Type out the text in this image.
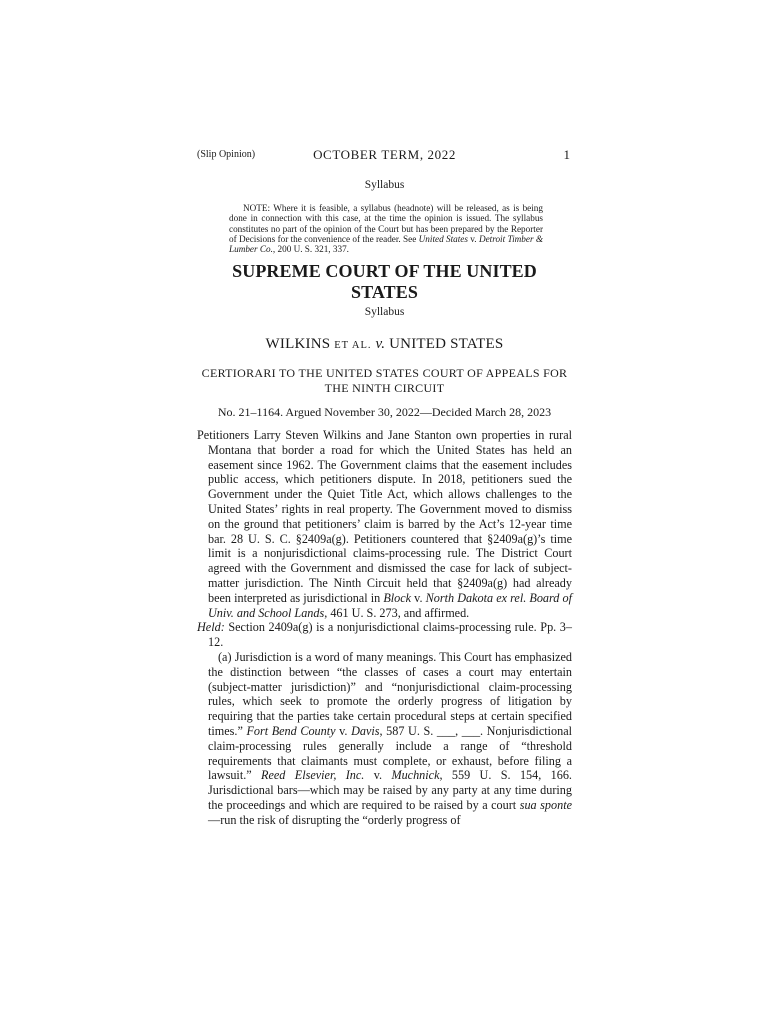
(Slip Opinion)	OCTOBER TERM, 2022	1
Syllabus
NOTE: Where it is feasible, a syllabus (headnote) will be released, as is being done in connection with this case, at the time the opinion is issued. The syllabus constitutes no part of the opinion of the Court but has been prepared by the Reporter of Decisions for the convenience of the reader. See United States v. Detroit Timber & Lumber Co., 200 U. S. 321, 337.
SUPREME COURT OF THE UNITED STATES
Syllabus
WILKINS ET AL. v. UNITED STATES
CERTIORARI TO THE UNITED STATES COURT OF APPEALS FOR THE NINTH CIRCUIT
No. 21–1164. Argued November 30, 2022—Decided March 28, 2023

Petitioners Larry Steven Wilkins and Jane Stanton own properties in rural Montana that border a road for which the United States has held an easement since 1962. The Government claims that the easement includes public access, which petitioners dispute. In 2018, petitioners sued the Government under the Quiet Title Act, which allows challenges to the United States’ rights in real property. The Government moved to dismiss on the ground that petitioners’ claim is barred by the Act’s 12-year time bar. 28 U. S. C. §2409a(g). Petitioners countered that §2409a(g)’s time limit is a nonjurisdictional claims-processing rule. The District Court agreed with the Government and dismissed the case for lack of subject-matter jurisdiction. The Ninth Circuit held that §2409a(g) had already been interpreted as jurisdictional in Block v. North Dakota ex rel. Board of Univ. and School Lands, 461 U. S. 273, and affirmed.

Held: Section 2409a(g) is a nonjurisdictional claims-processing rule. Pp. 3–12.

(a) Jurisdiction is a word of many meanings. This Court has emphasized the distinction between “the classes of cases a court may entertain (subject-matter jurisdiction)” and “nonjurisdictional claim-processing rules, which seek to promote the orderly progress of litigation by requiring that the parties take certain procedural steps at certain specified times.” Fort Bend County v. Davis, 587 U. S. ___, ___. Nonjurisdictional claim-processing rules generally include a range of “threshold requirements that claimants must complete, or exhaust, before filing a lawsuit.” Reed Elsevier, Inc. v. Muchnick, 559 U. S. 154, 166. Jurisdictional bars—which may be raised by any party at any time during the proceedings and which are required to be raised by a court sua sponte—run the risk of disrupting the “orderly progress of
